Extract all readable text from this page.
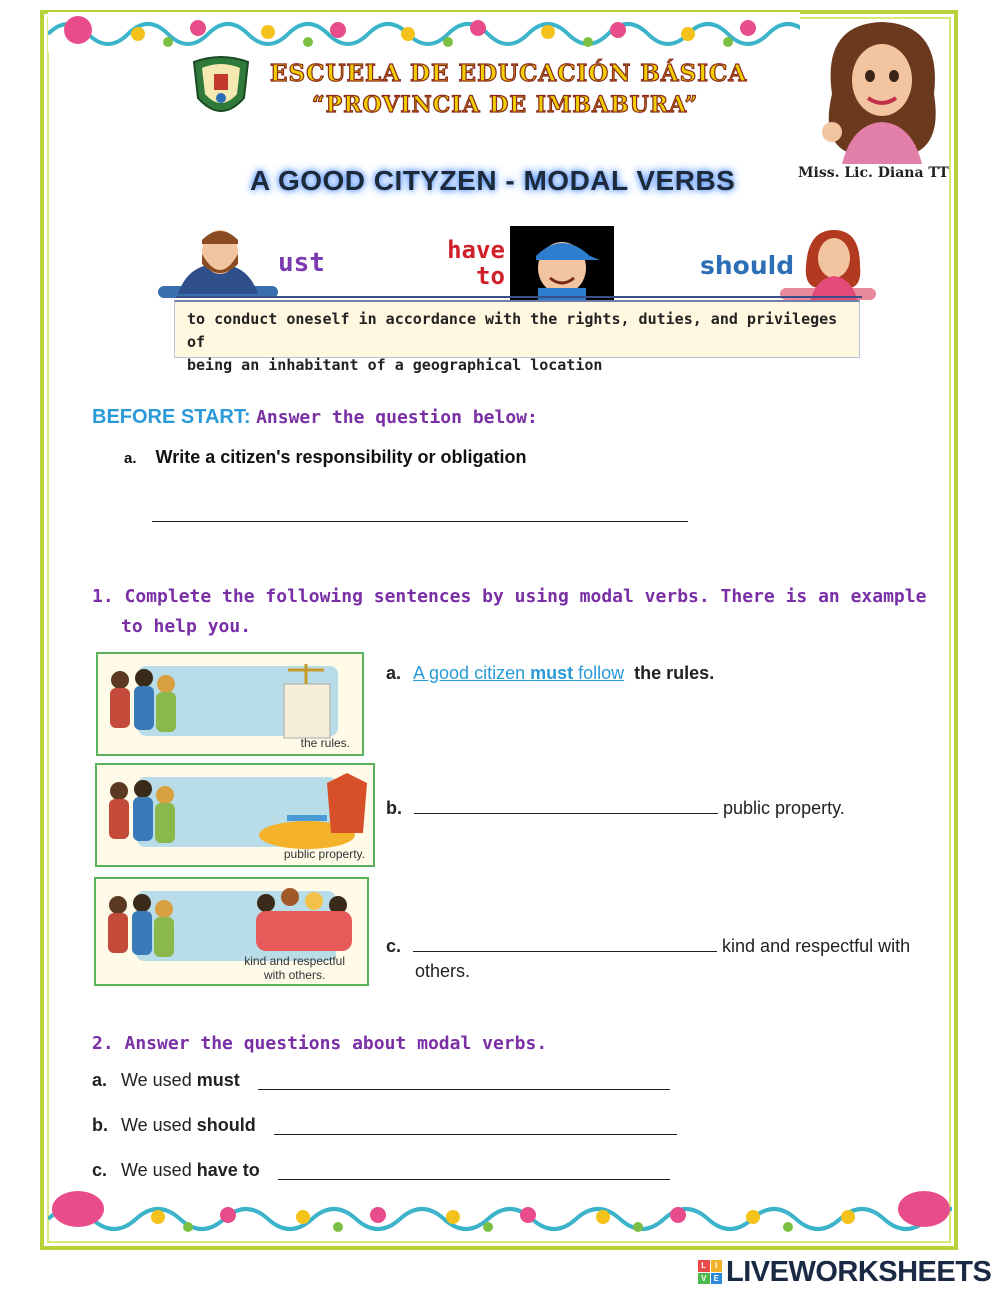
ESCUELA DE EDUCACIÓN BÁSICA
“PROVINCIA DE IMBABURA”
A GOOD CITYZEN - MODAL VERBS	Miss. Lic. Diana TT
ust	have
to	should
to conduct oneself in accordance with the rights, duties, and privileges of
being an inhabitant of a geographical location
BEFORE START: Answer the question below:
a. Write a citizen's responsibility or obligation
1. Complete the following sentences by using modal verbs. There is an example
to help you.
the rules.
a. A good citizen must follow the rules.
public property.
b.	public property.
kind and respectful
with others.
c.	kind and respectful with
others.
2. Answer the questions about modal verbs.
a. We used must
b. We used should
c. We used have to
L	I
V E LIVEWORKSHEETS
